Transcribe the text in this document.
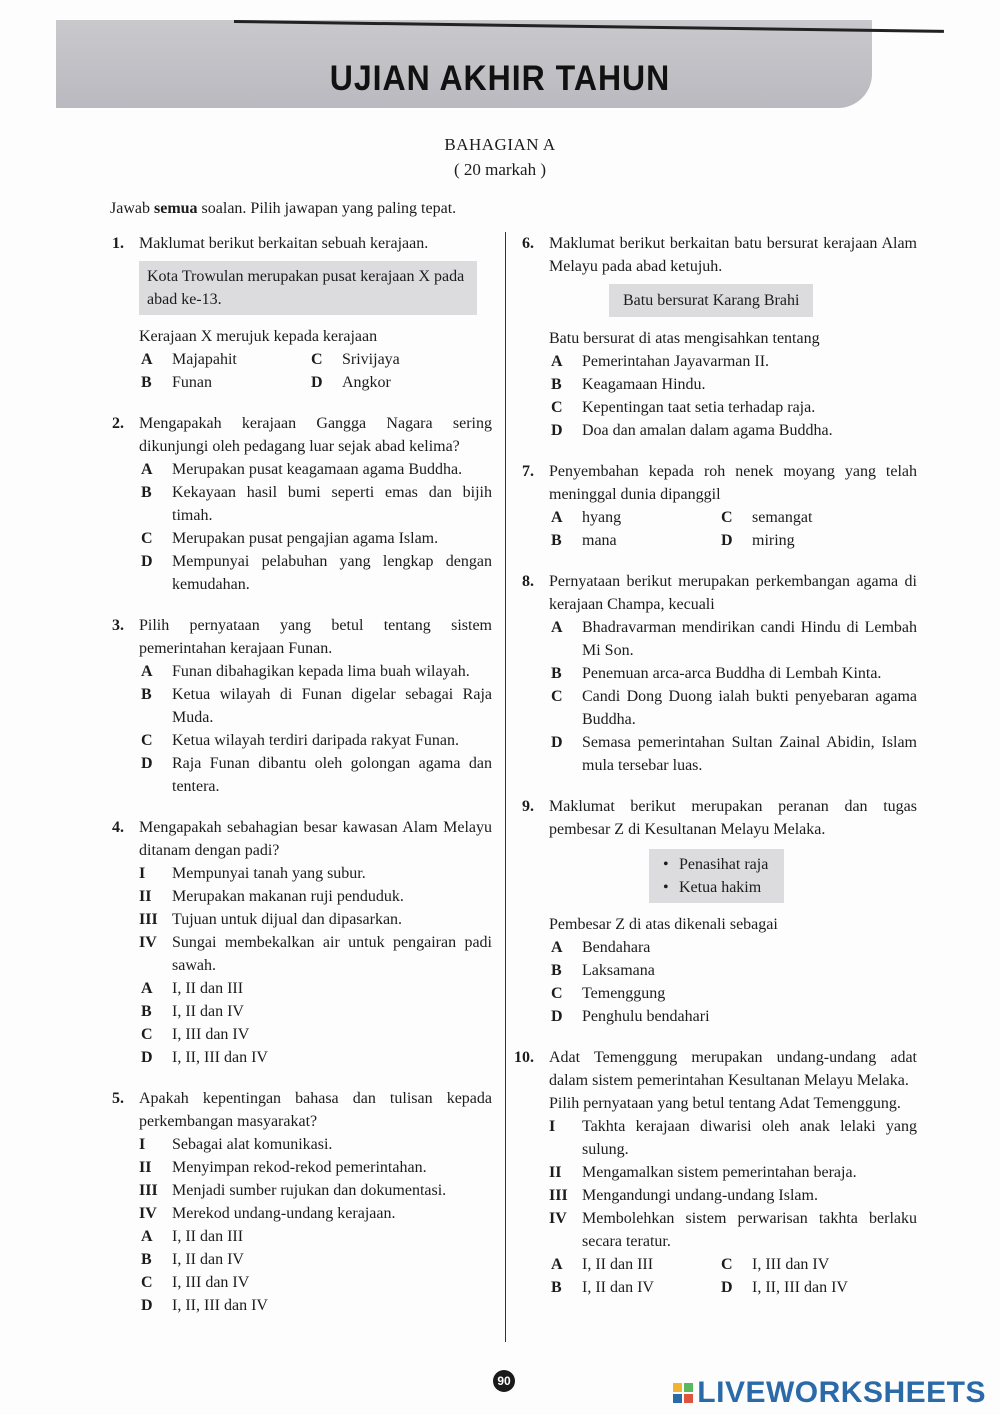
UJIAN AKHIR TAHUN
BAHAGIAN A
( 20 markah )
Jawab semua soalan. Pilih jawapan yang paling tepat.
1. Maklumat berikut berkaitan sebuah kerajaan.
Kota Trowulan merupakan pusat kerajaan X pada abad ke-13.
Kerajaan X merujuk kepada kerajaan
A Majapahit	C Srivijaya
B Funan	D Angkor
2. Mengapakah kerajaan Gangga Nagara sering dikunjungi oleh pedagang luar sejak abad kelima?
A Merupakan pusat keagamaan agama Buddha.
B Kekayaan hasil bumi seperti emas dan bijih timah.
C Merupakan pusat pengajian agama Islam.
D Mempunyai pelabuhan yang lengkap dengan kemudahan.
3. Pilih pernyataan yang betul tentang sistem pemerintahan kerajaan Funan.
A Funan dibahagikan kepada lima buah wilayah.
B Ketua wilayah di Funan digelar sebagai Raja Muda.
C Ketua wilayah terdiri daripada rakyat Funan.
D Raja Funan dibantu oleh golongan agama dan tentera.
4. Mengapakah sebahagian besar kawasan Alam Melayu ditanam dengan padi?
I Mempunyai tanah yang subur.
II Merupakan makanan ruji penduduk.
III Tujuan untuk dijual dan dipasarkan.
IV Sungai membekalkan air untuk pengairan padi sawah.
A I, II dan III
B I, II dan IV
C I, III dan IV
D I, II, III dan IV
5. Apakah kepentingan bahasa dan tulisan kepada perkembangan masyarakat?
I Sebagai alat komunikasi.
II Menyimpan rekod-rekod pemerintahan.
III Menjadi sumber rujukan dan dokumentasi.
IV Merekod undang-undang kerajaan.
A I, II dan III
B I, II dan IV
C I, III dan IV
D I, II, III dan IV
6. Maklumat berikut berkaitan batu bersurat kerajaan Alam Melayu pada abad ketujuh.
Batu bersurat Karang Brahi
Batu bersurat di atas mengisahkan tentang
A Pemerintahan Jayavarman II.
B Keagamaan Hindu.
C Kepentingan taat setia terhadap raja.
D Doa dan amalan dalam agama Buddha.
7. Penyembahan kepada roh nenek moyang yang telah meninggal dunia dipanggil
A hyang	C semangat
B mana	D miring
8. Pernyataan berikut merupakan perkembangan agama di kerajaan Champa, kecuali
A Bhadravarman mendirikan candi Hindu di Lembah Mi Son.
B Penemuan arca-arca Buddha di Lembah Kinta.
C Candi Dong Duong ialah bukti penyebaran agama Buddha.
D Semasa pemerintahan Sultan Zainal Abidin, Islam mula tersebar luas.
9. Maklumat berikut merupakan peranan dan tugas pembesar Z di Kesultanan Melayu Melaka.
• Penasihat raja
• Ketua hakim
Pembesar Z di atas dikenali sebagai
A Bendahara
B Laksamana
C Temenggung
D Penghulu bendahari
10. Adat Temenggung merupakan undang-undang adat dalam sistem pemerintahan Kesultanan Melayu Melaka.
Pilih pernyataan yang betul tentang Adat Temenggung.
I Takhta kerajaan diwarisi oleh anak lelaki yang sulung.
II Mengamalkan sistem pemerintahan beraja.
III Mengandungi undang-undang Islam.
IV Membolehkan sistem perwarisan takhta berlaku secara teratur.
A I, II dan III	C I, III dan IV
B I, II dan IV	D I, II, III dan IV
90	LIVEWORKSHEETS
